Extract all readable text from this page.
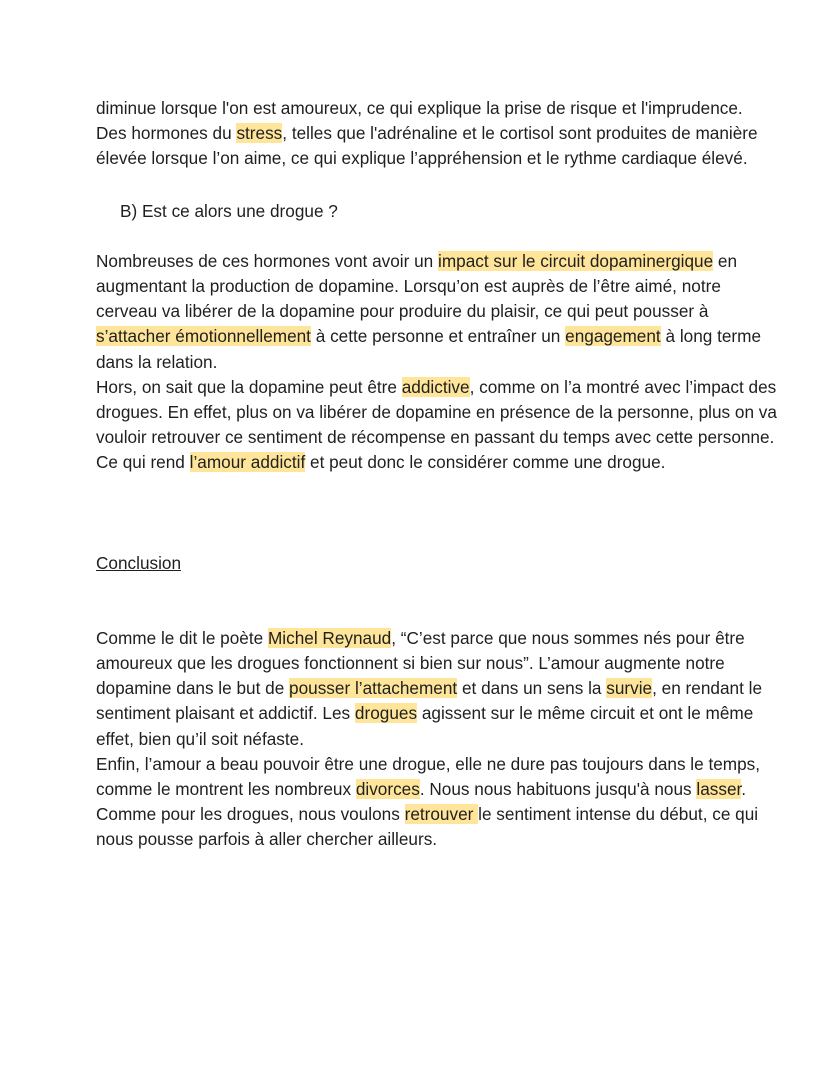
diminue lorsque l'on est amoureux, ce qui explique la prise de risque et l'imprudence.

Des hormones du stress, telles que l'adrénaline et le cortisol sont produites de manière élevée lorsque l’on aime, ce qui explique l’appréhension et le rythme cardiaque élevé.

B) Est ce alors une drogue ?

Nombreuses de ces hormones vont avoir un impact sur le circuit dopaminergique en augmentant la production de dopamine. Lorsqu’on est auprès de l’être aimé, notre cerveau va libérer de la dopamine pour produire du plaisir, ce qui peut pousser à s’attacher émotionnellement à cette personne et entraîner un engagement à long terme dans la relation.

Hors, on sait que la dopamine peut être addictive, comme on l’a montré avec l’impact des drogues. En effet, plus on va libérer de dopamine en présence de la personne, plus on va vouloir retrouver ce sentiment de récompense en passant du temps avec cette personne. Ce qui rend l’amour addictif et peut donc le considérer comme une drogue.

Conclusion

Comme le dit le poète Michel Reynaud, “C’est parce que nous sommes nés pour être amoureux que les drogues fonctionnent si bien sur nous”. L’amour augmente notre dopamine dans le but de pousser l’attachement et dans un sens la survie, en rendant le sentiment plaisant et addictif. Les drogues agissent sur le même circuit et ont le même effet, bien qu’il soit néfaste.

Enfin, l’amour a beau pouvoir être une drogue, elle ne dure pas toujours dans le temps, comme le montrent les nombreux divorces. Nous nous habituons jusqu'à nous lasser. Comme pour les drogues, nous voulons retrouver le sentiment intense du début, ce qui nous pousse parfois à aller chercher ailleurs.
